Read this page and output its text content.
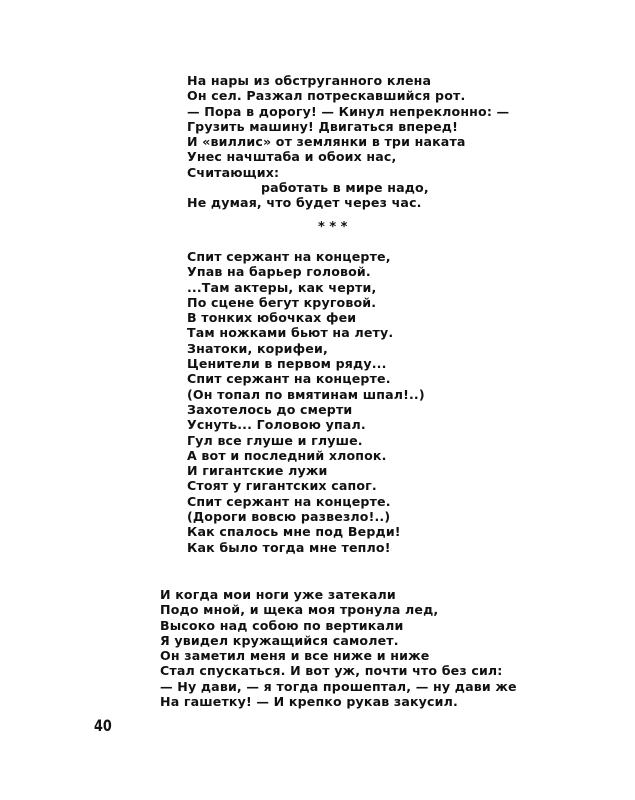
На нары из обструганного клена
Он сел. Разжал потрескавшийся рот.
— Пора в дорогу! — Кинул непреклонно: —
Грузить машину! Двигаться вперед!
И «виллис» от землянки в три наката
Унес начштаба и обоих нас,
Считающих:
работать в мире надо,
Не думая, что будет через час.
* * *
Спит сержант на концерте,
Упав на барьер головой.
...Там актеры, как черти,
По сцене бегут круговой.
В тонких юбочках феи
Там ножками бьют на лету.
Знатоки, корифеи,
Ценители в первом ряду...
Спит сержант на концерте.
(Он топал по вмятинам шпал!..)
Захотелось до смерти
Уснуть... Головою упал.
Гул все глуше и глуше.
А вот и последний хлопок.
И гигантские лужи
Стоят у гигантских сапог.
Спит сержант на концерте.
(Дороги вовсю развезло!..)
Как спалось мне под Верди!
Как было тогда мне тепло!
И когда мои ноги уже затекали
Подо мной, и щека моя тронула лед,
Высоко над собою по вертикали
Я увидел кружащийся самолет.
Он заметил меня и все ниже и ниже
Стал спускаться. И вот уж, почти что без сил:
— Ну дави, — я тогда прошептал, — ну дави же
На гашетку! — И крепко рукав закусил.
40
